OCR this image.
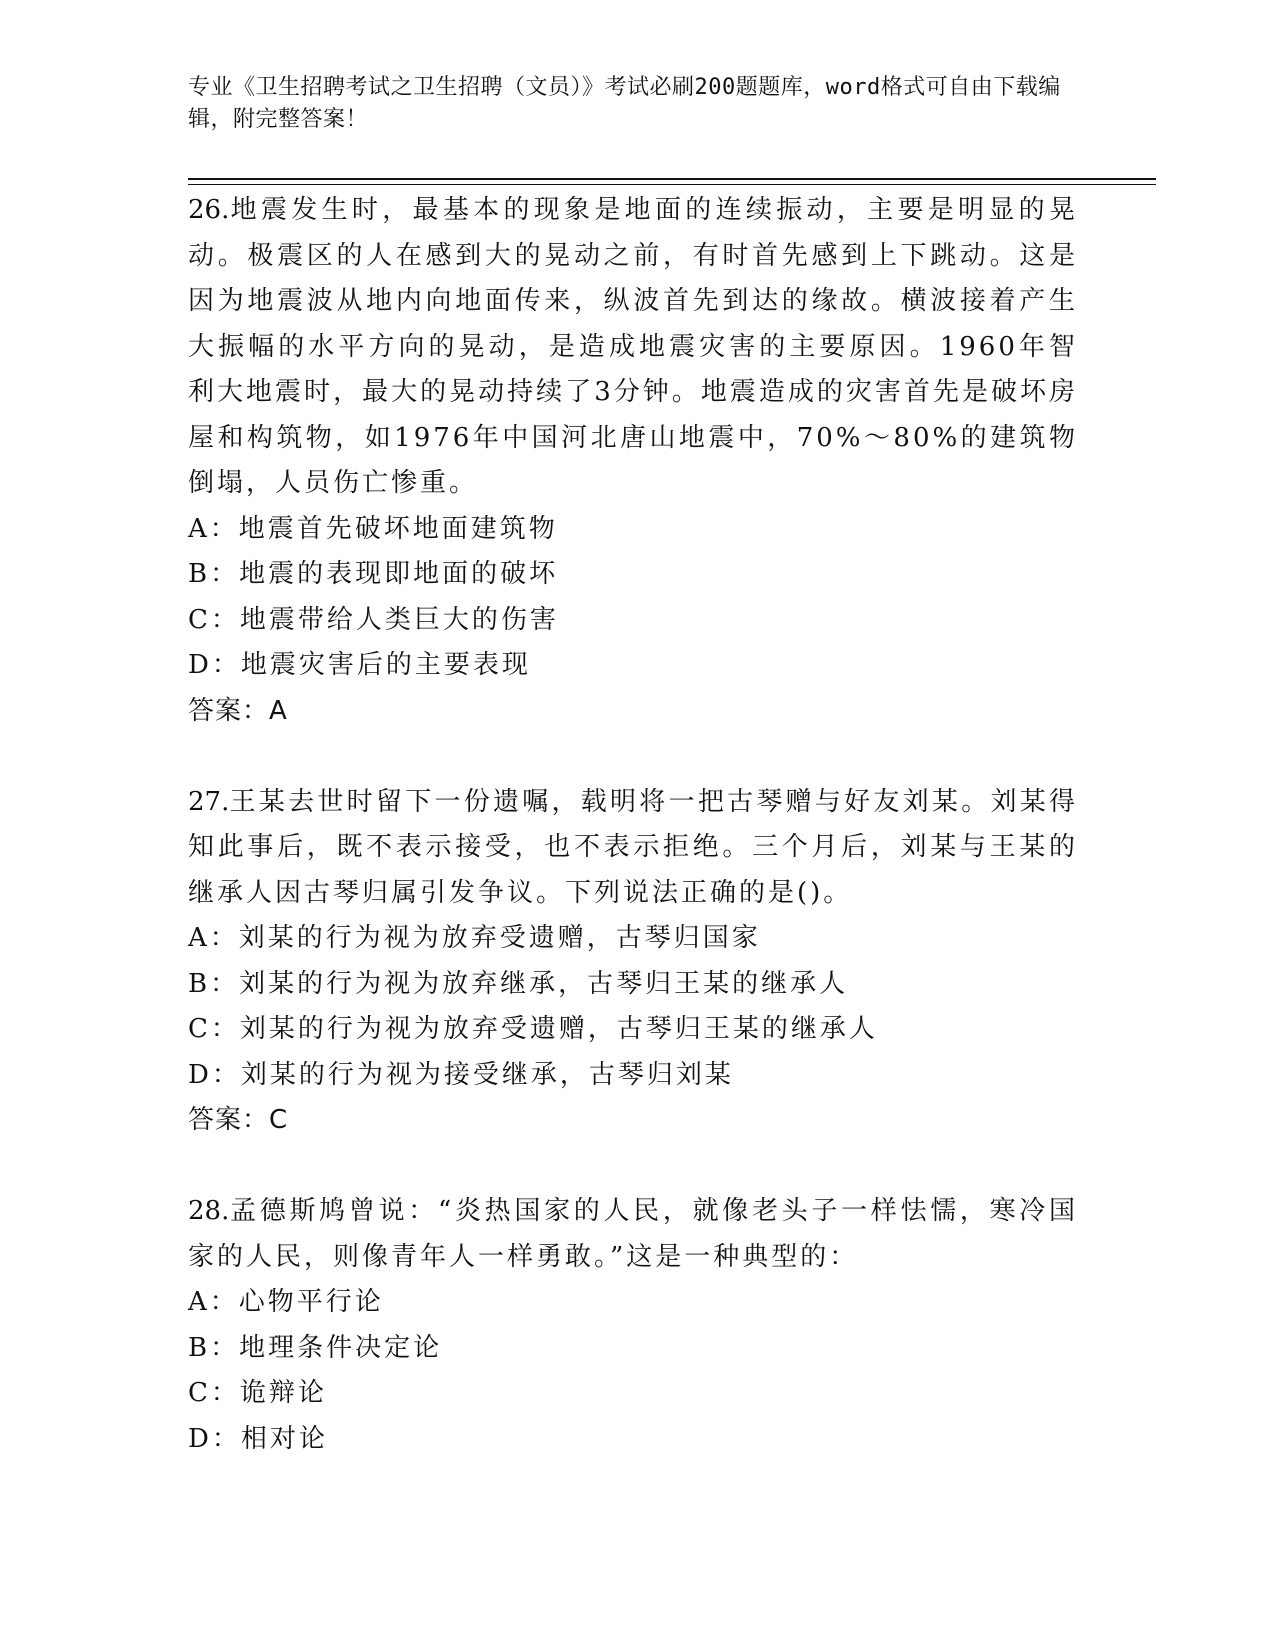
专业《卫生招聘考试之卫生招聘（文员）》考试必刷200题题库，word格式可自由下载编辑，附完整答案！

26.地震发生时，最基本的现象是地面的连续振动，主要是明显的晃动。极震区的人在感到大的晃动之前，有时首先感到上下跳动。这是因为地震波从地内向地面传来，纵波首先到达的缘故。横波接着产生大振幅的水平方向的晃动，是造成地震灾害的主要原因。1960年智利大地震时，最大的晃动持续了3分钟。地震造成的灾害首先是破坏房屋和构筑物，如1976年中国河北唐山地震中，70%～80%的建筑物倒塌，人员伤亡惨重。

A：地震首先破坏地面建筑物

B：地震的表现即地面的破坏

C：地震带给人类巨大的伤害

D：地震灾害后的主要表现

答案：A

27.王某去世时留下一份遗嘱，载明将一把古琴赠与好友刘某。刘某得知此事后，既不表示接受，也不表示拒绝。三个月后，刘某与王某的继承人因古琴归属引发争议。下列说法正确的是()。

A：刘某的行为视为放弃受遗赠，古琴归国家

B：刘某的行为视为放弃继承，古琴归王某的继承人

C：刘某的行为视为放弃受遗赠，古琴归王某的继承人

D：刘某的行为视为接受继承，古琴归刘某

答案：C

28.孟德斯鸠曾说：“炎热国家的人民，就像老头子一样怯懦，寒冷国家的人民，则像青年人一样勇敢。”这是一种典型的：

A：心物平行论

B：地理条件决定论

C：诡辩论

D：相对论
